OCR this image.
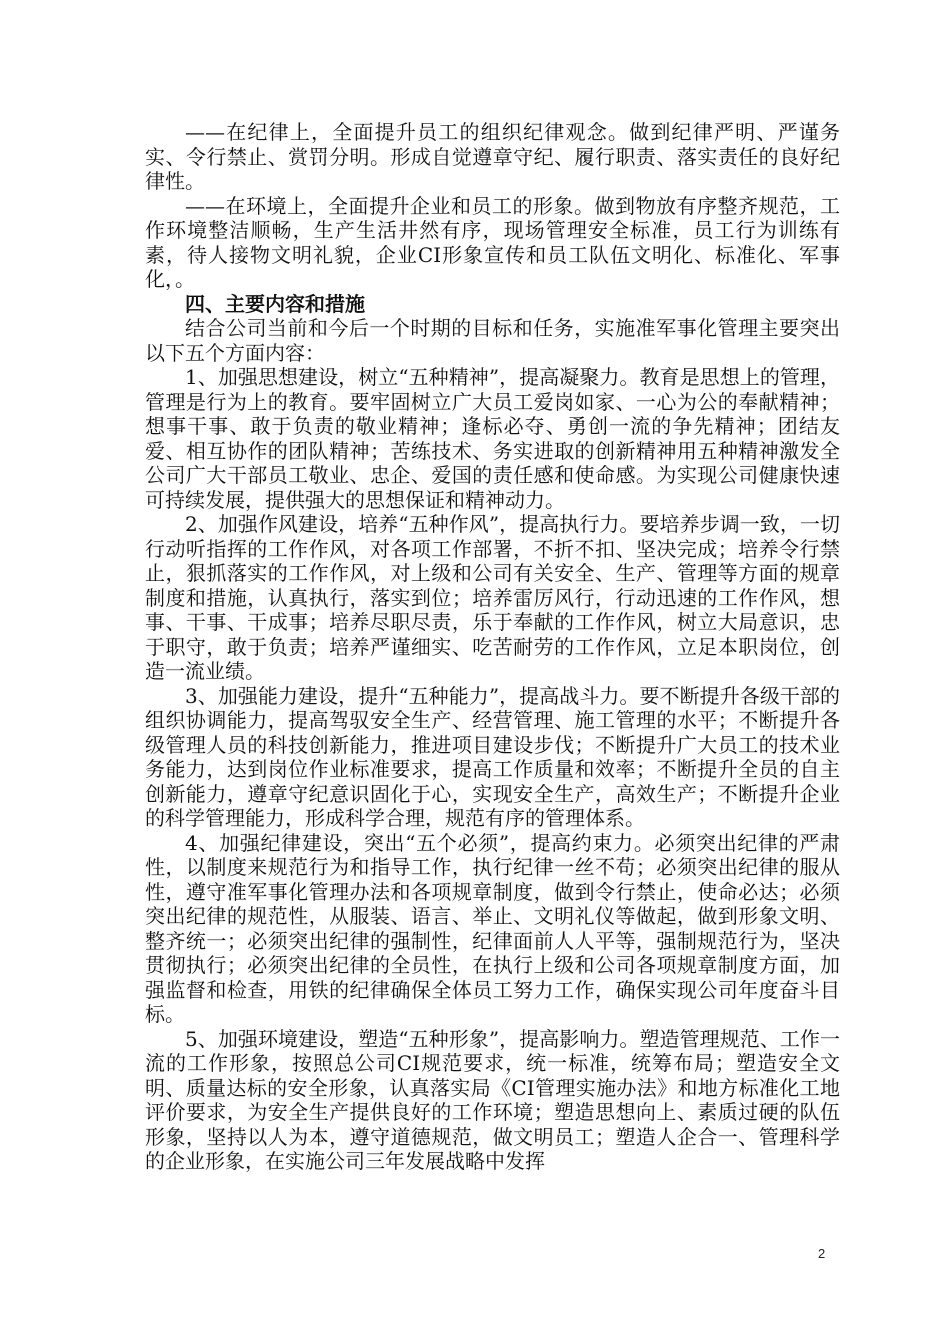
——在纪律上，全面提升员工的组织纪律观念。做到纪律严明、严谨务实、令行禁止、赏罚分明。形成自觉遵章守纪、履行职责、落实责任的良好纪律性。

——在环境上，全面提升企业和员工的形象。做到物放有序整齐规范，工作环境整洁顺畅，生产生活井然有序，现场管理安全标准，员工行为训练有素，待人接物文明礼貌，企业CI形象宣传和员工队伍文明化、标准化、军事化，。

四、主要内容和措施

结合公司当前和今后一个时期的目标和任务，实施准军事化管理主要突出以下五个方面内容：

1、加强思想建设，树立“五种精神”，提高凝聚力。教育是思想上的管理，管理是行为上的教育。要牢固树立广大员工爱岗如家、一心为公的奉献精神；想事干事、敢于负责的敬业精神；逢标必夺、勇创一流的争先精神；团结友爱、相互协作的团队精神；苦练技术、务实进取的创新精神用五种精神激发全公司广大干部员工敬业、忠企、爱国的责任感和使命感。为实现公司健康快速可持续发展，提供强大的思想保证和精神动力。

2、加强作风建设，培养“五种作风”，提高执行力。要培养步调一致，一切行动听指挥的工作作风，对各项工作部署，不折不扣、坚决完成；培养令行禁止，狠抓落实的工作作风，对上级和公司有关安全、生产、管理等方面的规章制度和措施，认真执行，落实到位；培养雷厉风行，行动迅速的工作作风，想事、干事、干成事；培养尽职尽责，乐于奉献的工作作风，树立大局意识，忠于职守，敢于负责；培养严谨细实、吃苦耐劳的工作作风，立足本职岗位，创造一流业绩。

3、加强能力建设，提升“五种能力”，提高战斗力。要不断提升各级干部的组织协调能力，提高驾驭安全生产、经营管理、施工管理的水平；不断提升各级管理人员的科技创新能力，推进项目建设步伐；不断提升广大员工的技术业务能力，达到岗位作业标准要求，提高工作质量和效率；不断提升全员的自主创新能力，遵章守纪意识固化于心，实现安全生产，高效生产；不断提升企业的科学管理能力，形成科学合理，规范有序的管理体系。

4、加强纪律建设，突出“五个必须”，提高约束力。必须突出纪律的严肃性，以制度来规范行为和指导工作，执行纪律一丝不苟；必须突出纪律的服从性，遵守准军事化管理办法和各项规章制度，做到令行禁止，使命必达；必须突出纪律的规范性，从服装、语言、举止、文明礼仪等做起，做到形象文明、整齐统一；必须突出纪律的强制性，纪律面前人人平等，强制规范行为，坚决贯彻执行；必须突出纪律的全员性，在执行上级和公司各项规章制度方面，加强监督和检查，用铁的纪律确保全体员工努力工作，确保实现公司年度奋斗目标。

5、加强环境建设，塑造“五种形象”，提高影响力。塑造管理规范、工作一流的工作形象，按照总公司CI规范要求，统一标准，统筹布局；塑造安全文明、质量达标的安全形象，认真落实局《CI管理实施办法》和地方标准化工地评价要求，为安全生产提供良好的工作环境；塑造思想向上、素质过硬的队伍形象，坚持以人为本，遵守道德规范，做文明员工；塑造人企合一、管理科学的企业形象，在实施公司三年发展战略中发挥

2
